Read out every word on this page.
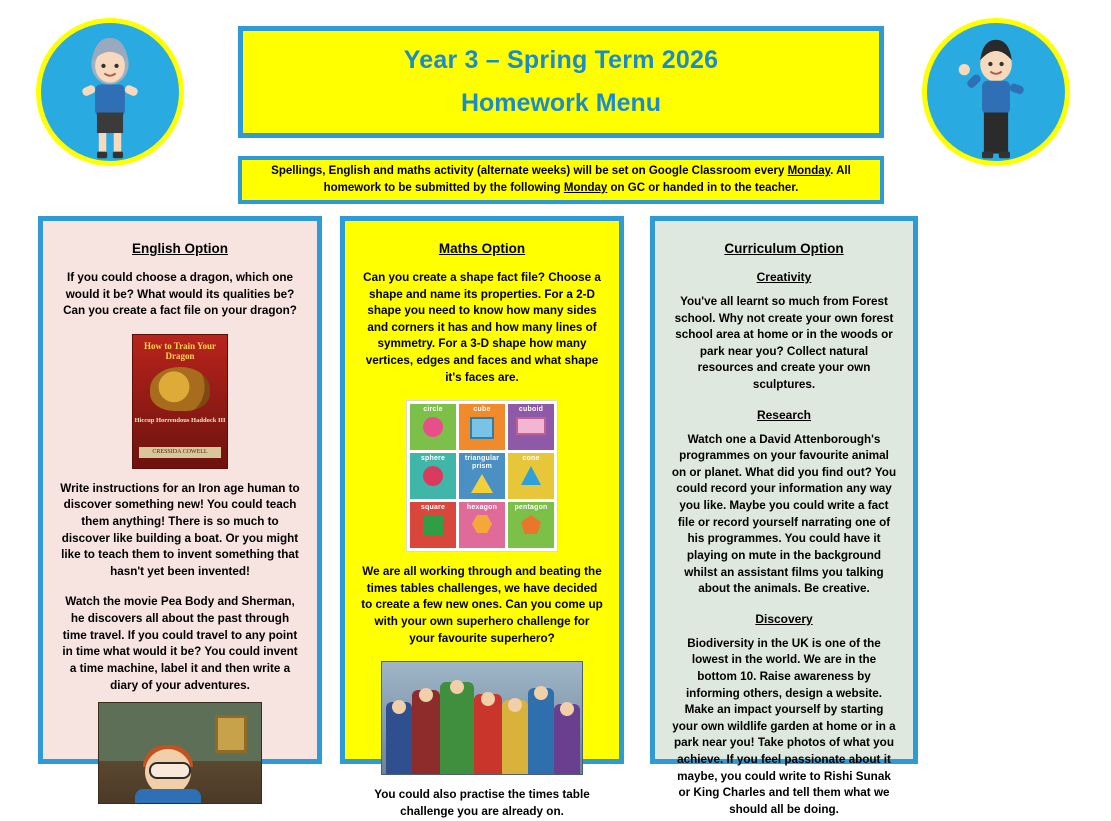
Year 3 – Spring Term 2026
Homework Menu
Spellings, English and maths activity (alternate weeks) will be set on Google Classroom every Monday. All homework to be submitted by the following Monday on GC or handed in to the teacher.
English Option
If you could choose a dragon, which one would it be? What would its qualities be? Can you create a fact file on your dragon?
How to Train Your Dragon
Hiccup Horrendous Haddock III
CRESSIDA COWELL
Write instructions for an Iron age human to discover something new! You could teach them anything! There is so much to discover like building a boat. Or you might like to teach them to invent something that hasn't yet been invented!
Watch the movie Pea Body and Sherman, he discovers all about the past through time travel. If you could travel to any point in time what would it be? You could invent a time machine, label it and then write a diary of your adventures.
Maths Option
Can you create a shape fact file? Choose a shape and name its properties. For a 2-D shape you need to know how many sides and corners it has and how many lines of symmetry. For a 3-D shape how many vertices, edges and faces and what shape it's faces are.
circle	cube	cuboid
sphere	triangular prism
cone
square	hexagon pentagon
We are all working through and beating the times tables challenges, we have decided to create a few new ones. Can you come up with your own superhero challenge for your favourite superhero?
You could also practise the times table challenge you are already on.
Curriculum Option
Creativity
You've all learnt so much from Forest school. Why not create your own forest school area at home or in the woods or park near you? Collect natural resources and create your own sculptures.
Research
Watch one a David Attenborough's programmes on your favourite animal on or planet. What did you find out? You could record your information any way you like. Maybe you could write a fact file or record yourself narrating one of his programmes. You could have it playing on mute in the background whilst an assistant films you talking about the animals. Be creative.
Discovery
Biodiversity in the UK is one of the lowest in the world. We are in the bottom 10. Raise awareness by informing others, design a website. Make an impact yourself by starting your own wildlife garden at home or in a park near you! Take photos of what you achieve. If you feel passionate about it maybe, you could write to Rishi Sunak or King Charles and tell them what we should all be doing.
